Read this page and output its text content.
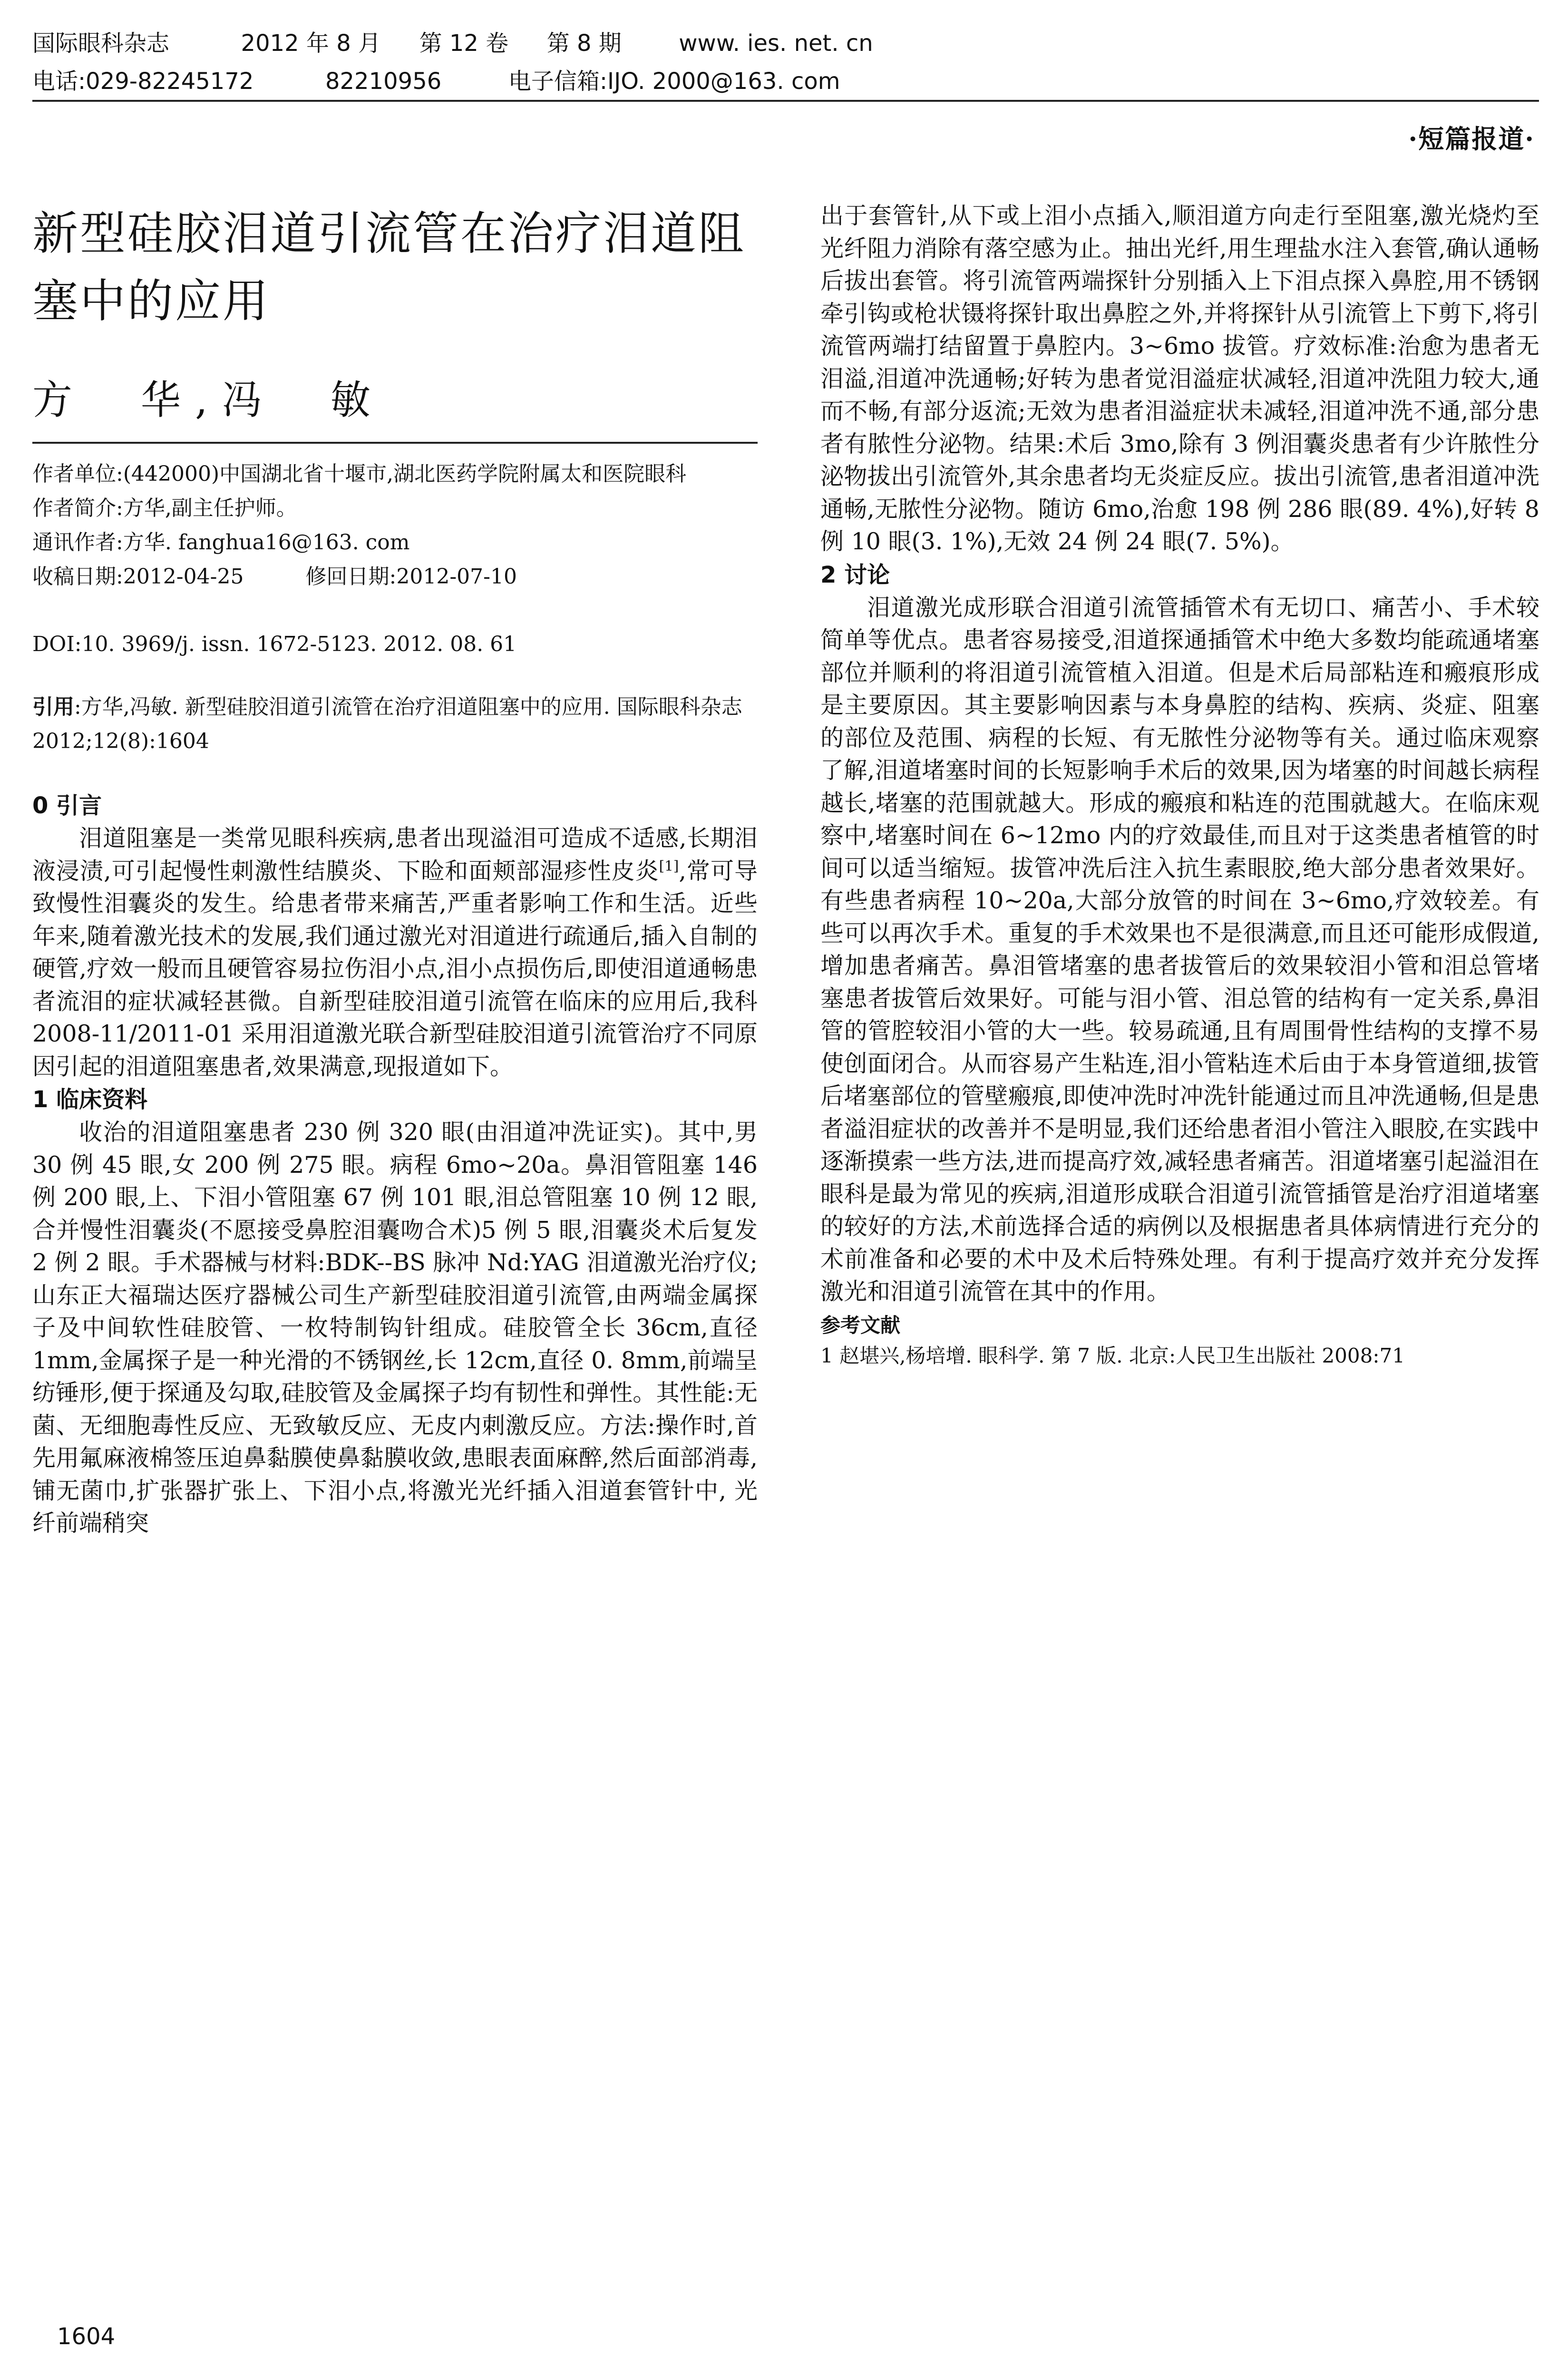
国际眼科杂志	2012 年 8 月 第 12 卷 第 8 期	www. ies. net. cn
电话:029-82245172	82210956	电子信箱:IJO. 2000@163. com
·短篇报道·
新型硅胶泪道引流管在治疗泪道阻塞中的应用
方　华,冯　敏
作者单位:(442000)中国湖北省十堰市,湖北医药学院附属太和医院眼科
作者简介:方华,副主任护师。
通讯作者:方华. fanghua16@163. com
收稿日期:2012-04-25	修回日期:2012-07-10
DOI:10. 3969/j. issn. 1672-5123. 2012. 08. 61
引用:方华,冯敏. 新型硅胶泪道引流管在治疗泪道阻塞中的应用. 国际眼科杂志 2012;12(8):1604
0 引言

泪道阻塞是一类常见眼科疾病,患者出现溢泪可造成不适感,长期泪液浸渍,可引起慢性刺激性结膜炎、下睑和面颊部湿疹性皮炎[1],常可导致慢性泪囊炎的发生。给患者带来痛苦,严重者影响工作和生活。近些年来,随着激光技术的发展,我们通过激光对泪道进行疏通后,插入自制的硬管,疗效一般而且硬管容易拉伤泪小点,泪小点损伤后,即使泪道通畅患者流泪的症状减轻甚微。自新型硅胶泪道引流管在临床的应用后,我科 2008-11/2011-01 采用泪道激光联合新型硅胶泪道引流管治疗不同原因引起的泪道阻塞患者,效果满意,现报道如下。

1 临床资料

收治的泪道阻塞患者 230 例 320 眼(由泪道冲洗证实)。其中,男 30 例 45 眼,女 200 例 275 眼。病程 6mo~20a。鼻泪管阻塞 146 例 200 眼,上、下泪小管阻塞 67 例 101 眼,泪总管阻塞 10 例 12 眼,合并慢性泪囊炎(不愿接受鼻腔泪囊吻合术)5 例 5 眼,泪囊炎术后复发 2 例 2 眼。手术器械与材料:BDK--BS 脉冲 Nd:YAG 泪道激光治疗仪;山东正大福瑞达医疗器械公司生产新型硅胶泪道引流管,由两端金属探子及中间软性硅胶管、一枚特制钩针组成。硅胶管全长 36cm,直径 1mm,金属探子是一种光滑的不锈钢丝,长 12cm,直径 0. 8mm,前端呈纺锤形,便于探通及勾取,硅胶管及金属探子均有韧性和弹性。其性能:无菌、无细胞毒性反应、无致敏反应、无皮内刺激反应。方法:操作时,首先用氟麻液棉签压迫鼻黏膜使鼻黏膜收敛,患眼表面麻醉,然后面部消毒,铺无菌巾,扩张器扩张上、下泪小点,将激光光纤插入泪道套管针中, 光纤前端稍突

出于套管针,从下或上泪小点插入,顺泪道方向走行至阻塞,激光烧灼至光纤阻力消除有落空感为止。抽出光纤,用生理盐水注入套管,确认通畅后拔出套管。将引流管两端探针分别插入上下泪点探入鼻腔,用不锈钢牵引钩或枪状镊将探针取出鼻腔之外,并将探针从引流管上下剪下,将引流管两端打结留置于鼻腔内。3~6mo 拔管。疗效标准:治愈为患者无泪溢,泪道冲洗通畅;好转为患者觉泪溢症状减轻,泪道冲洗阻力较大,通而不畅,有部分返流;无效为患者泪溢症状未减轻,泪道冲洗不通,部分患者有脓性分泌物。结果:术后 3mo,除有 3 例泪囊炎患者有少许脓性分泌物拔出引流管外,其余患者均无炎症反应。拔出引流管,患者泪道冲洗通畅,无脓性分泌物。随访 6mo,治愈 198 例 286 眼(89. 4%),好转 8 例 10 眼(3. 1%),无效 24 例 24 眼(7. 5%)。

2 讨论

泪道激光成形联合泪道引流管插管术有无切口、痛苦小、手术较简单等优点。患者容易接受,泪道探通插管术中绝大多数均能疏通堵塞部位并顺利的将泪道引流管植入泪道。但是术后局部粘连和瘢痕形成是主要原因。其主要影响因素与本身鼻腔的结构、疾病、炎症、阻塞的部位及范围、病程的长短、有无脓性分泌物等有关。通过临床观察了解,泪道堵塞时间的长短影响手术后的效果,因为堵塞的时间越长病程越长,堵塞的范围就越大。形成的瘢痕和粘连的范围就越大。在临床观察中,堵塞时间在 6~12mo 内的疗效最佳,而且对于这类患者植管的时间可以适当缩短。拔管冲洗后注入抗生素眼胶,绝大部分患者效果好。有些患者病程 10~20a,大部分放管的时间在 3~6mo,疗效较差。有些可以再次手术。重复的手术效果也不是很满意,而且还可能形成假道,增加患者痛苦。鼻泪管堵塞的患者拔管后的效果较泪小管和泪总管堵塞患者拔管后效果好。可能与泪小管、泪总管的结构有一定关系,鼻泪管的管腔较泪小管的大一些。较易疏通,且有周围骨性结构的支撑不易使创面闭合。从而容易产生粘连,泪小管粘连术后由于本身管道细,拔管后堵塞部位的管壁瘢痕,即使冲洗时冲洗针能通过而且冲洗通畅,但是患者溢泪症状的改善并不是明显,我们还给患者泪小管注入眼胶,在实践中逐渐摸索一些方法,进而提高疗效,减轻患者痛苦。泪道堵塞引起溢泪在眼科是最为常见的疾病,泪道形成联合泪道引流管插管是治疗泪道堵塞的较好的方法,术前选择合适的病例以及根据患者具体病情进行充分的术前准备和必要的术中及术后特殊处理。有利于提高疗效并充分发挥激光和泪道引流管在其中的作用。

参考文献
1 赵堪兴,杨培增. 眼科学. 第 7 版. 北京:人民卫生出版社 2008:71
1604
